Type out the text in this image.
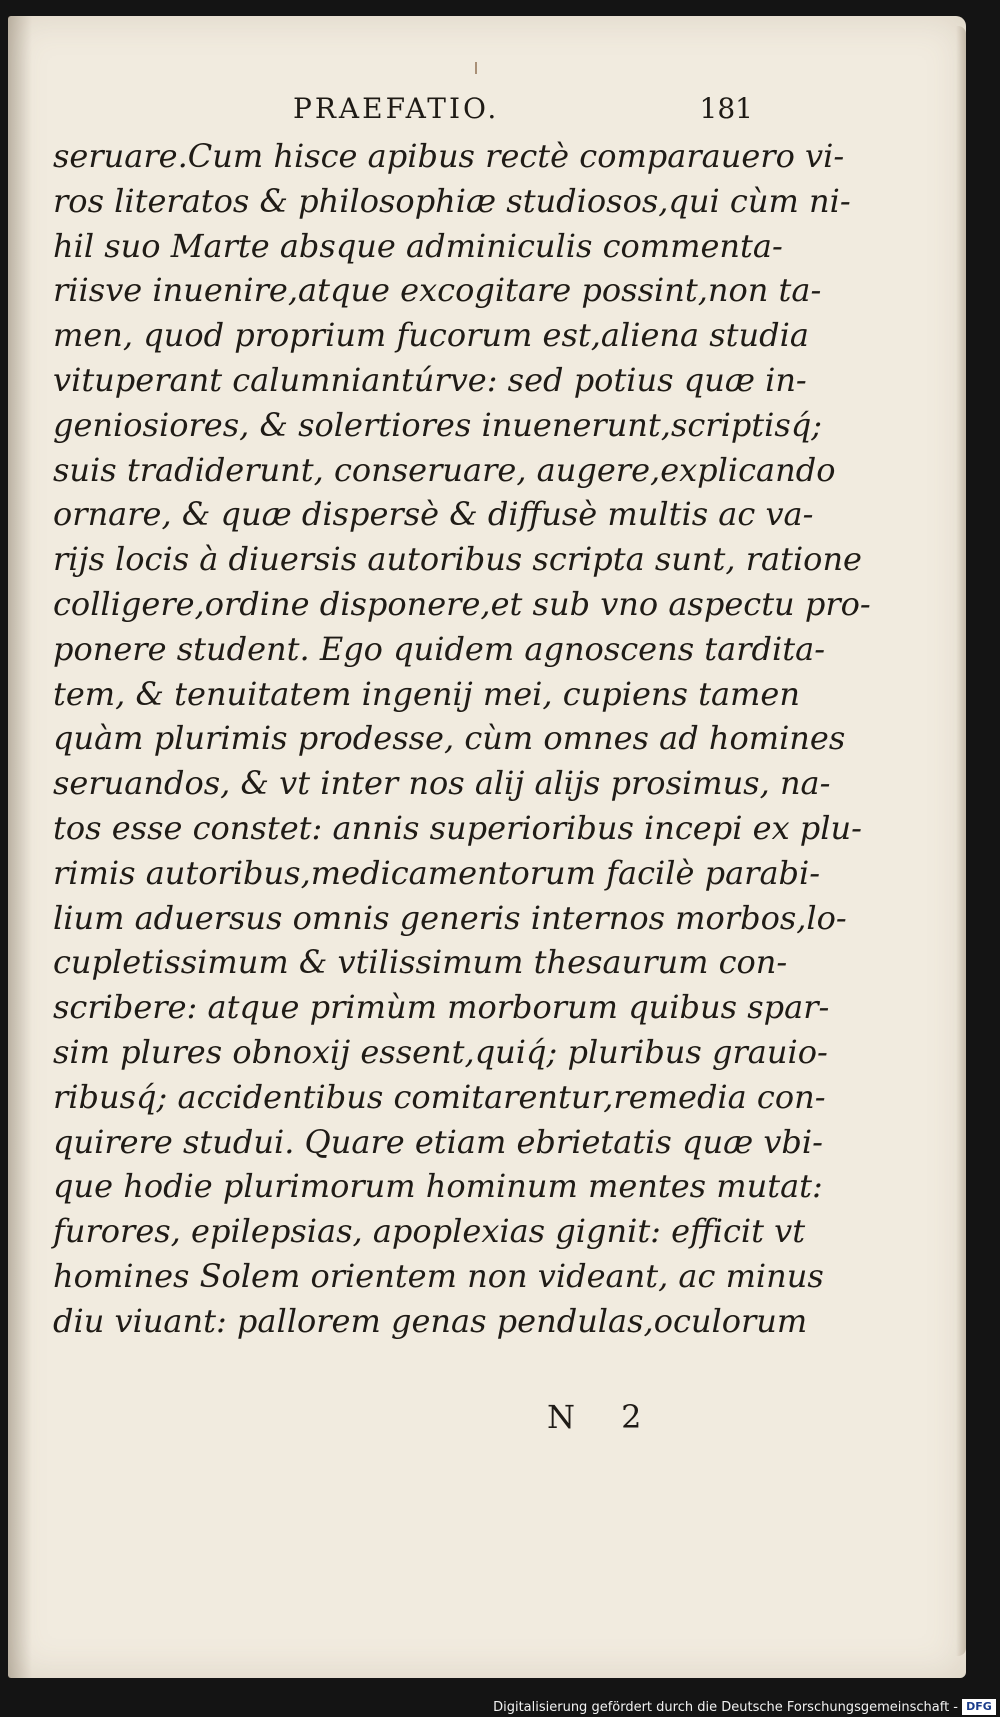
PRAEFATIO.	181
seruare.Cum hisce apibus rectè comparauero vi-
ros literatos & philosophiæ studiosos,qui cùm ni-
hil suo Marte absque adminiculis commenta-
riisve inuenire,atque excogitare possint,non ta-
men, quod proprium fucorum est,aliena studia
vituperant calumniantúrve: sed potius quæ in-
geniosiores, & solertiores inuenerunt,scriptisq́;
suis tradiderunt, conseruare, augere,explicando
ornare, & quæ dispersè & diffusè multis ac va-
rijs locis à diuersis autoribus scripta sunt, ratione
colligere,ordine disponere,et sub vno aspectu pro-
ponere student. Ego quidem agnoscens tardita-
tem, & tenuitatem ingenij mei, cupiens tamen
quàm plurimis prodesse, cùm omnes ad homines
seruandos, & vt inter nos alij alijs prosimus, na-
tos esse constet: annis superioribus incepi ex plu-
rimis autoribus,medicamentorum facilè parabi-
lium aduersus omnis generis internos morbos,lo-
cupletissimum & vtilissimum thesaurum con-
scribere: atque primùm morborum quibus spar-
sim plures obnoxij essent,quiq́; pluribus grauio-
ribusq́; accidentibus comitarentur,remedia con-
quirere studui. Quare etiam ebrietatis quæ vbi-
que hodie plurimorum hominum mentes mutat:
furores, epilepsias, apoplexias gignit: efficit vt
homines Solem orientem non videant, ac minus
diu viuant: pallorem genas pendulas,oculorum
N 2
Digitalisierung gefördert durch die Deutsche Forschungsgemeinschaft - DFG
